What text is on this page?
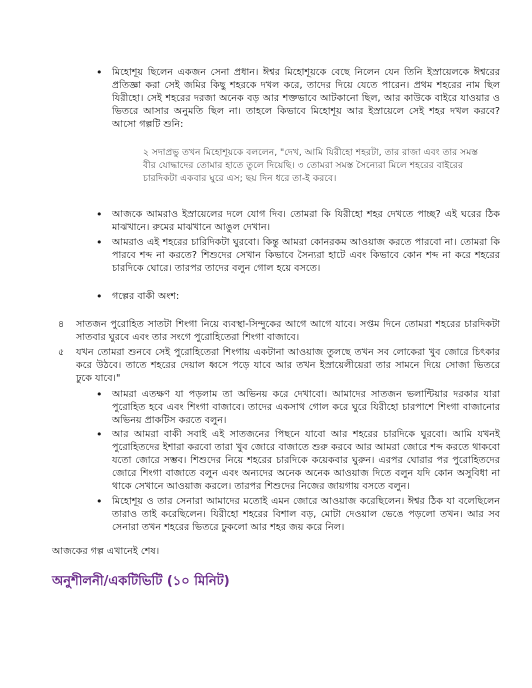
• মিহোশূয় ছিলেন একজন সেনা প্রধান। ঈশ্বর মিহোশূয়কে বেছে নিলেন যেন তিনি ইস্রায়েলকে ঈশ্বরের প্রতিজ্ঞা করা সেই জমির কিছু শহরকে দখল করে, তাদের দিয়ে যেতে পারেন। প্রথম শহরের নাম ছিল যিরীহো। সেই শহরের দরজা অনেক বড় আর শক্তভাবে আটকানো ছিল, আর কাউকে বাইরে যাওয়ার ও ভিতরে আসার অনুমতি ছিল না। তাহলে কিভাবে মিহোশূয় আর ইস্রায়েলে সেই শহর দখল করবে? আসো গল্পটি শুনি:
২ সদাপ্রভু তখন মিহোশূয়কে বললেন, "দেখ, আমি যিরীহো শহরটা, তার রাজা এবং তার সমস্ত বীর যোদ্ধাদের তোমার হাতে তুলে দিয়েছি। ৩ তোমরা সমস্ত সৈন্যেরা মিলে শহরের বাইরের চারদিকটা একবার ঘুরে এস; ছয় দিন ধরে তা-ই করবে।
• আজকে আমরাও ইস্রায়েলের দলে যোগ দিব। তোমরা কি যিরীহো শহর দেখতে পাচ্ছ? এই ঘরের ঠিক মাঝখানে। রুমের মাঝখানে আঙুল দেখান।
• আমরাও এই শহরের চারিদিকটা ঘুরবো। কিন্তু আমরা কোনরকম আওয়াজ করতে পারবো না। তোমরা কি পারবে শব্দ না করতে? শিশুদের সেখান কিভাবে সৈন্যরা হাটে এবং কিভাবে কোন শব্দ না করে শহরের চারদিকে ঘোরে। তারপর তাদের বলুন গোল হয়ে বসতে।
• গল্পের বাকী অংশ:
৪	সাতজন পুরোহিত সাতটা শিংগা নিয়ে ব্যবস্থা-সিন্দুকের আগে আগে যাবে। সপ্তম দিনে তোমরা শহরের চারদিকটা সাতবার ঘুরবে এবং তার সংগে পুরোহিতেরা শিংগা বাজাবে।
৫	যখন তোমরা শুনবে সেই পুরোহিতেরা শিংগায় একটানা আওয়াজ তুলছে তখন সব লোকেরা খুব জোরে চিৎকার করে উঠবে। তাতে শহরের দেয়াল ধ্বসে পড়ে যাবে আর তখন ইস্রায়েলীয়েরা তার সামনে দিয়ে সোজা ভিতরে ঢুকে যাবে।"
• আমরা এতক্ষণ যা পড়লাম তা অভিনয় করে দেখাবো। আমাদের সাতজন ভলান্টিয়ার দরকার যারা পুরোহিত হবে এবং শিংগা বাজাবে। তাদের একসাথ গোল করে ঘুরে যিরীহো চারপাশে শিংগা বাজানোর অভিনয় প্রাকটিস করতে বলুন।
• আর আমরা বাকী সবাই এই সাতজনের পিছনে যাবো আর শহরের চারদিকে ঘুরবো। আমি যখনই পুরোহিতদের ইশারা করবো তারা খুব জোরে বাজাতে শুরু করবে আর আমরা জোরে শব্দ করতে থাকবো যতো জোরে সম্ভব। শিশুদের নিয়ে শহরের চারদিকে কয়েকবার ঘুরুন। এরপর ঘোরার পর পুরোহিতদের জোরে শিংগা বাজাতে বলুন এবং অন্যদের অনেক অনেক আওয়াজ দিতে বলুন যদি কোন অসুবিধা না থাকে সেখানে আওয়াজ করলে। তারপর শিশুদের নিজের জায়গায় বসতে বলুন।
• মিহোশূয় ও তার সেনারা আমাদের মতোই এমন জোরে আওয়াজ করেছিলেন। ঈশ্বর ঠিক যা বলেছিলেন তারাও তাই করেছিলেন। যিরীহো শহরের বিশাল বড়, মোটা দেওয়াল ভেঙে পড়লো তখন। আর সব সেনারা তখন শহরের ভিতরে ঢুকলো আর শহর জয় করে নিল।
আজকের গল্প এখানেই শেষ।
অনুশীলনী/একটিভিটি (১০ মিনিট)
